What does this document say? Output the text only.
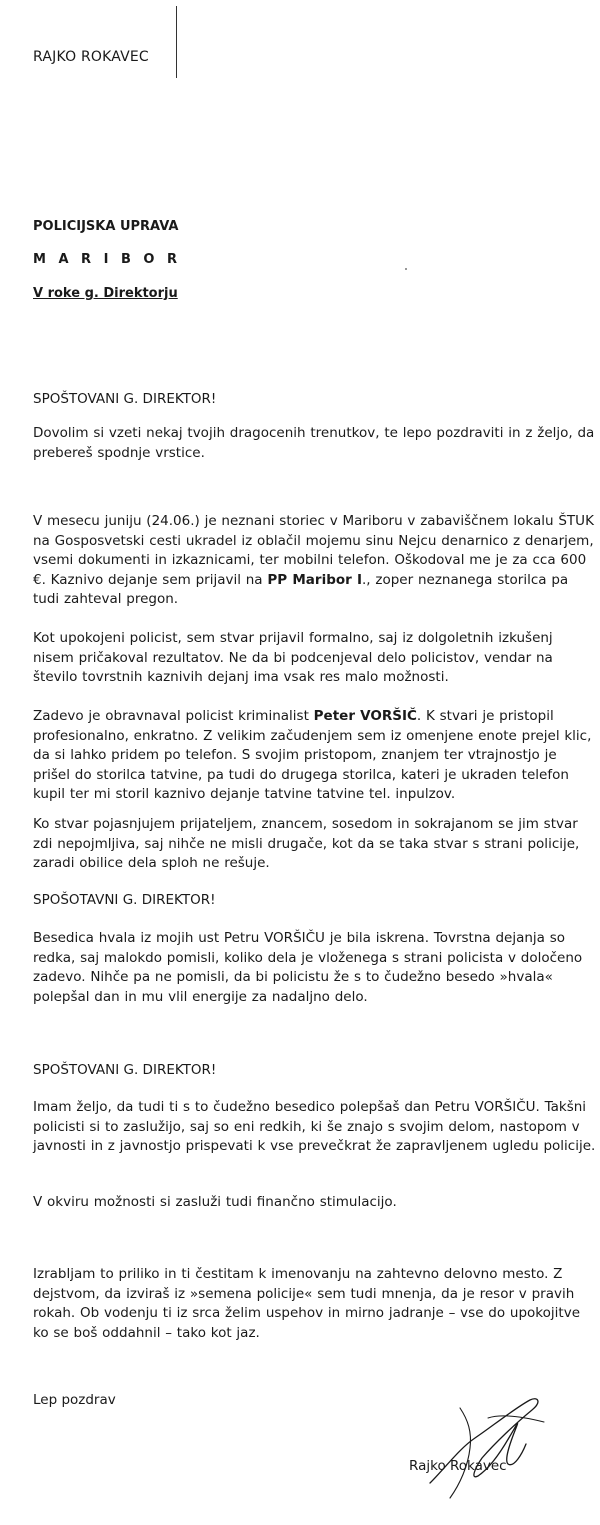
RAJKO ROKAVEC

POLICIJSKA UPRAVA

M A R I B O R

V roke g. Direktorju

SPOŠTOVANI G. DIREKTOR!

Dovolim si vzeti nekaj tvojih dragocenih trenutkov, te lepo pozdraviti in z željo, da prebereš spodnje vrstice.

V mesecu juniju (24.06.) je neznani storiec v Mariboru v zabaviščnem lokalu ŠTUK na Gosposvetski cesti ukradel iz oblačil mojemu sinu Nejcu denarnico z denarjem, vsemi dokumenti in izkaznicami, ter mobilni telefon. Oškodoval me je za cca 600 €. Kaznivo dejanje sem prijavil na PP Maribor I., zoper neznanega storilca pa tudi zahteval pregon.

Kot upokojeni policist, sem stvar prijavil formalno, saj iz dolgoletnih izkušenj nisem pričakoval rezultatov. Ne da bi podcenjeval delo policistov, vendar na število tovrstnih kaznivih dejanj ima vsak res malo možnosti.

Zadevo je obravnaval policist kriminalist Peter VORŠIČ. K stvari je pristopil profesionalno, enkratno. Z velikim začudenjem sem iz omenjene enote prejel klic, da si lahko pridem po telefon. S svojim pristopom, znanjem ter vtrajnostjo je prišel do storilca tatvine, pa tudi do drugega storilca, kateri je ukraden telefon kupil ter mi storil kaznivo dejanje tatvine tatvine tel. inpulzov.

Ko stvar pojasnjujem prijateljem, znancem, sosedom in sokrajanom se jim stvar zdi nepojmljiva, saj nihče ne misli drugače, kot da se taka stvar s strani policije, zaradi obilice dela sploh ne rešuje.

SPOŠOTAVNI G. DIREKTOR!

Besedica hvala iz mojih ust Petru VORŠIČU je bila iskrena. Tovrstna dejanja so redka, saj malokdo pomisli, koliko dela je vloženega s strani policista v določeno zadevo. Nihče pa ne pomisli, da bi policistu že s to čudežno besedo »hvala« polepšal dan in mu vlil energije za nadaljno delo.

SPOŠTOVANI G. DIREKTOR!

Imam željo, da tudi ti s to čudežno besedico polepšaš dan Petru VORŠIČU. Takšni policisti si to zaslužijo, saj so eni redkih, ki še znajo s svojim delom, nastopom v javnosti in z javnostjo prispevati k vse prevečkrat že zapravljenem ugledu policije.

V okviru možnosti si zasluži tudi finančno stimulacijo.

Izrabljam to priliko in ti čestitam k imenovanju na zahtevno delovno mesto. Z dejstvom, da izviraš iz »semena policije« sem tudi mnenja, da je resor v pravih rokah. Ob vodenju ti iz srca želim uspehov in mirno jadranje – vse do upokojitve ko se boš oddahnil – tako kot jaz.

Lep pozdrav

Rajko Rokavec
